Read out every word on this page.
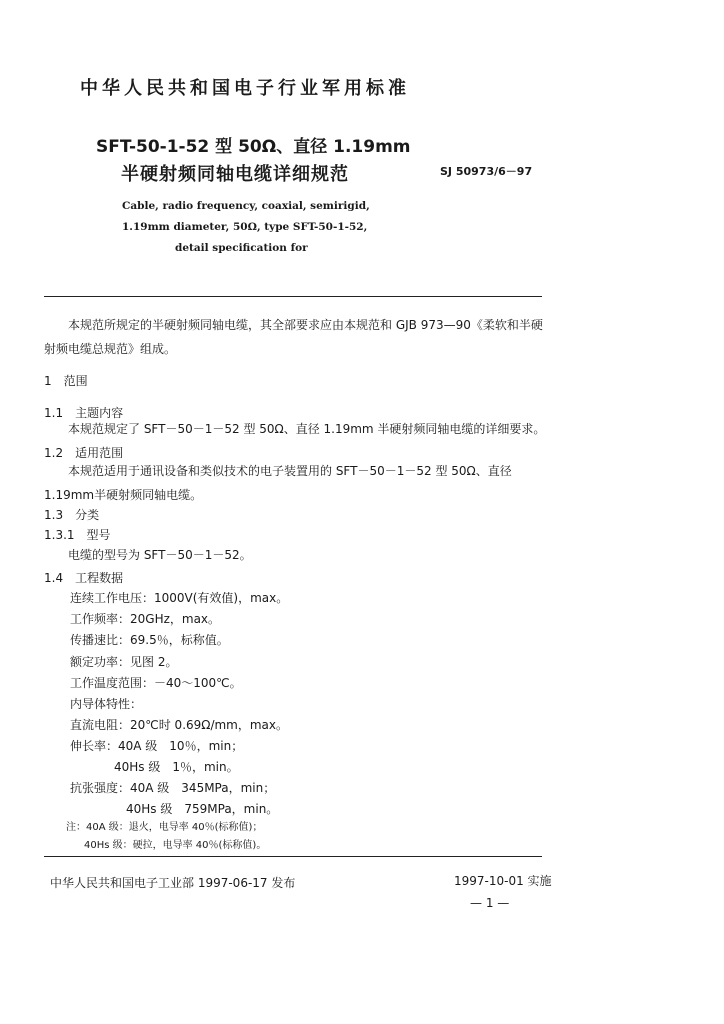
中华人民共和国电子行业军用标准
SFT-50-1-52 型 50Ω、直径 1.19mm
半硬射频同轴电缆详细规范	SJ 50973/6－97
Cable, radio frequency, coaxial, semirigid,
1.19mm diameter, 50Ω, type SFT-50-1-52,
detail specification for
本规范所规定的半硬射频同轴电缆，其全部要求应由本规范和 GJB 973—90《柔软和半硬
射频电缆总规范》组成。
1　范围
1.1　主题内容
本规范规定了 SFT－50－1－52 型 50Ω、直径 1.19mm 半硬射频同轴电缆的详细要求。
1.2　适用范围
本规范适用于通讯设备和类似技术的电子装置用的 SFT－50－1－52 型 50Ω、直径
1.19mm半硬射频同轴电缆。
1.3　分类
1.3.1　型号
电缆的型号为 SFT－50－1－52。
1.4　工程数据
连续工作电压：1000V(有效值)，max。
工作频率：20GHz，max。
传播速比：69.5％，标称值。
额定功率：见图 2。
工作温度范围：－40～100℃。
内导体特性：
直流电阻：20℃时 0.69Ω/mm，max。
伸长率：40A 级　10％，min；
40Hs 级　1％，min。
抗张强度：40A 级　345MPa，min；
40Hs 级　759MPa，min。
注：40A 级：退火，电导率 40％(标称值)；
40Hs 级：硬拉，电导率 40％(标称值)。
中华人民共和国电子工业部 1997-06-17 发布	1997-10-01 实施
— 1 —
